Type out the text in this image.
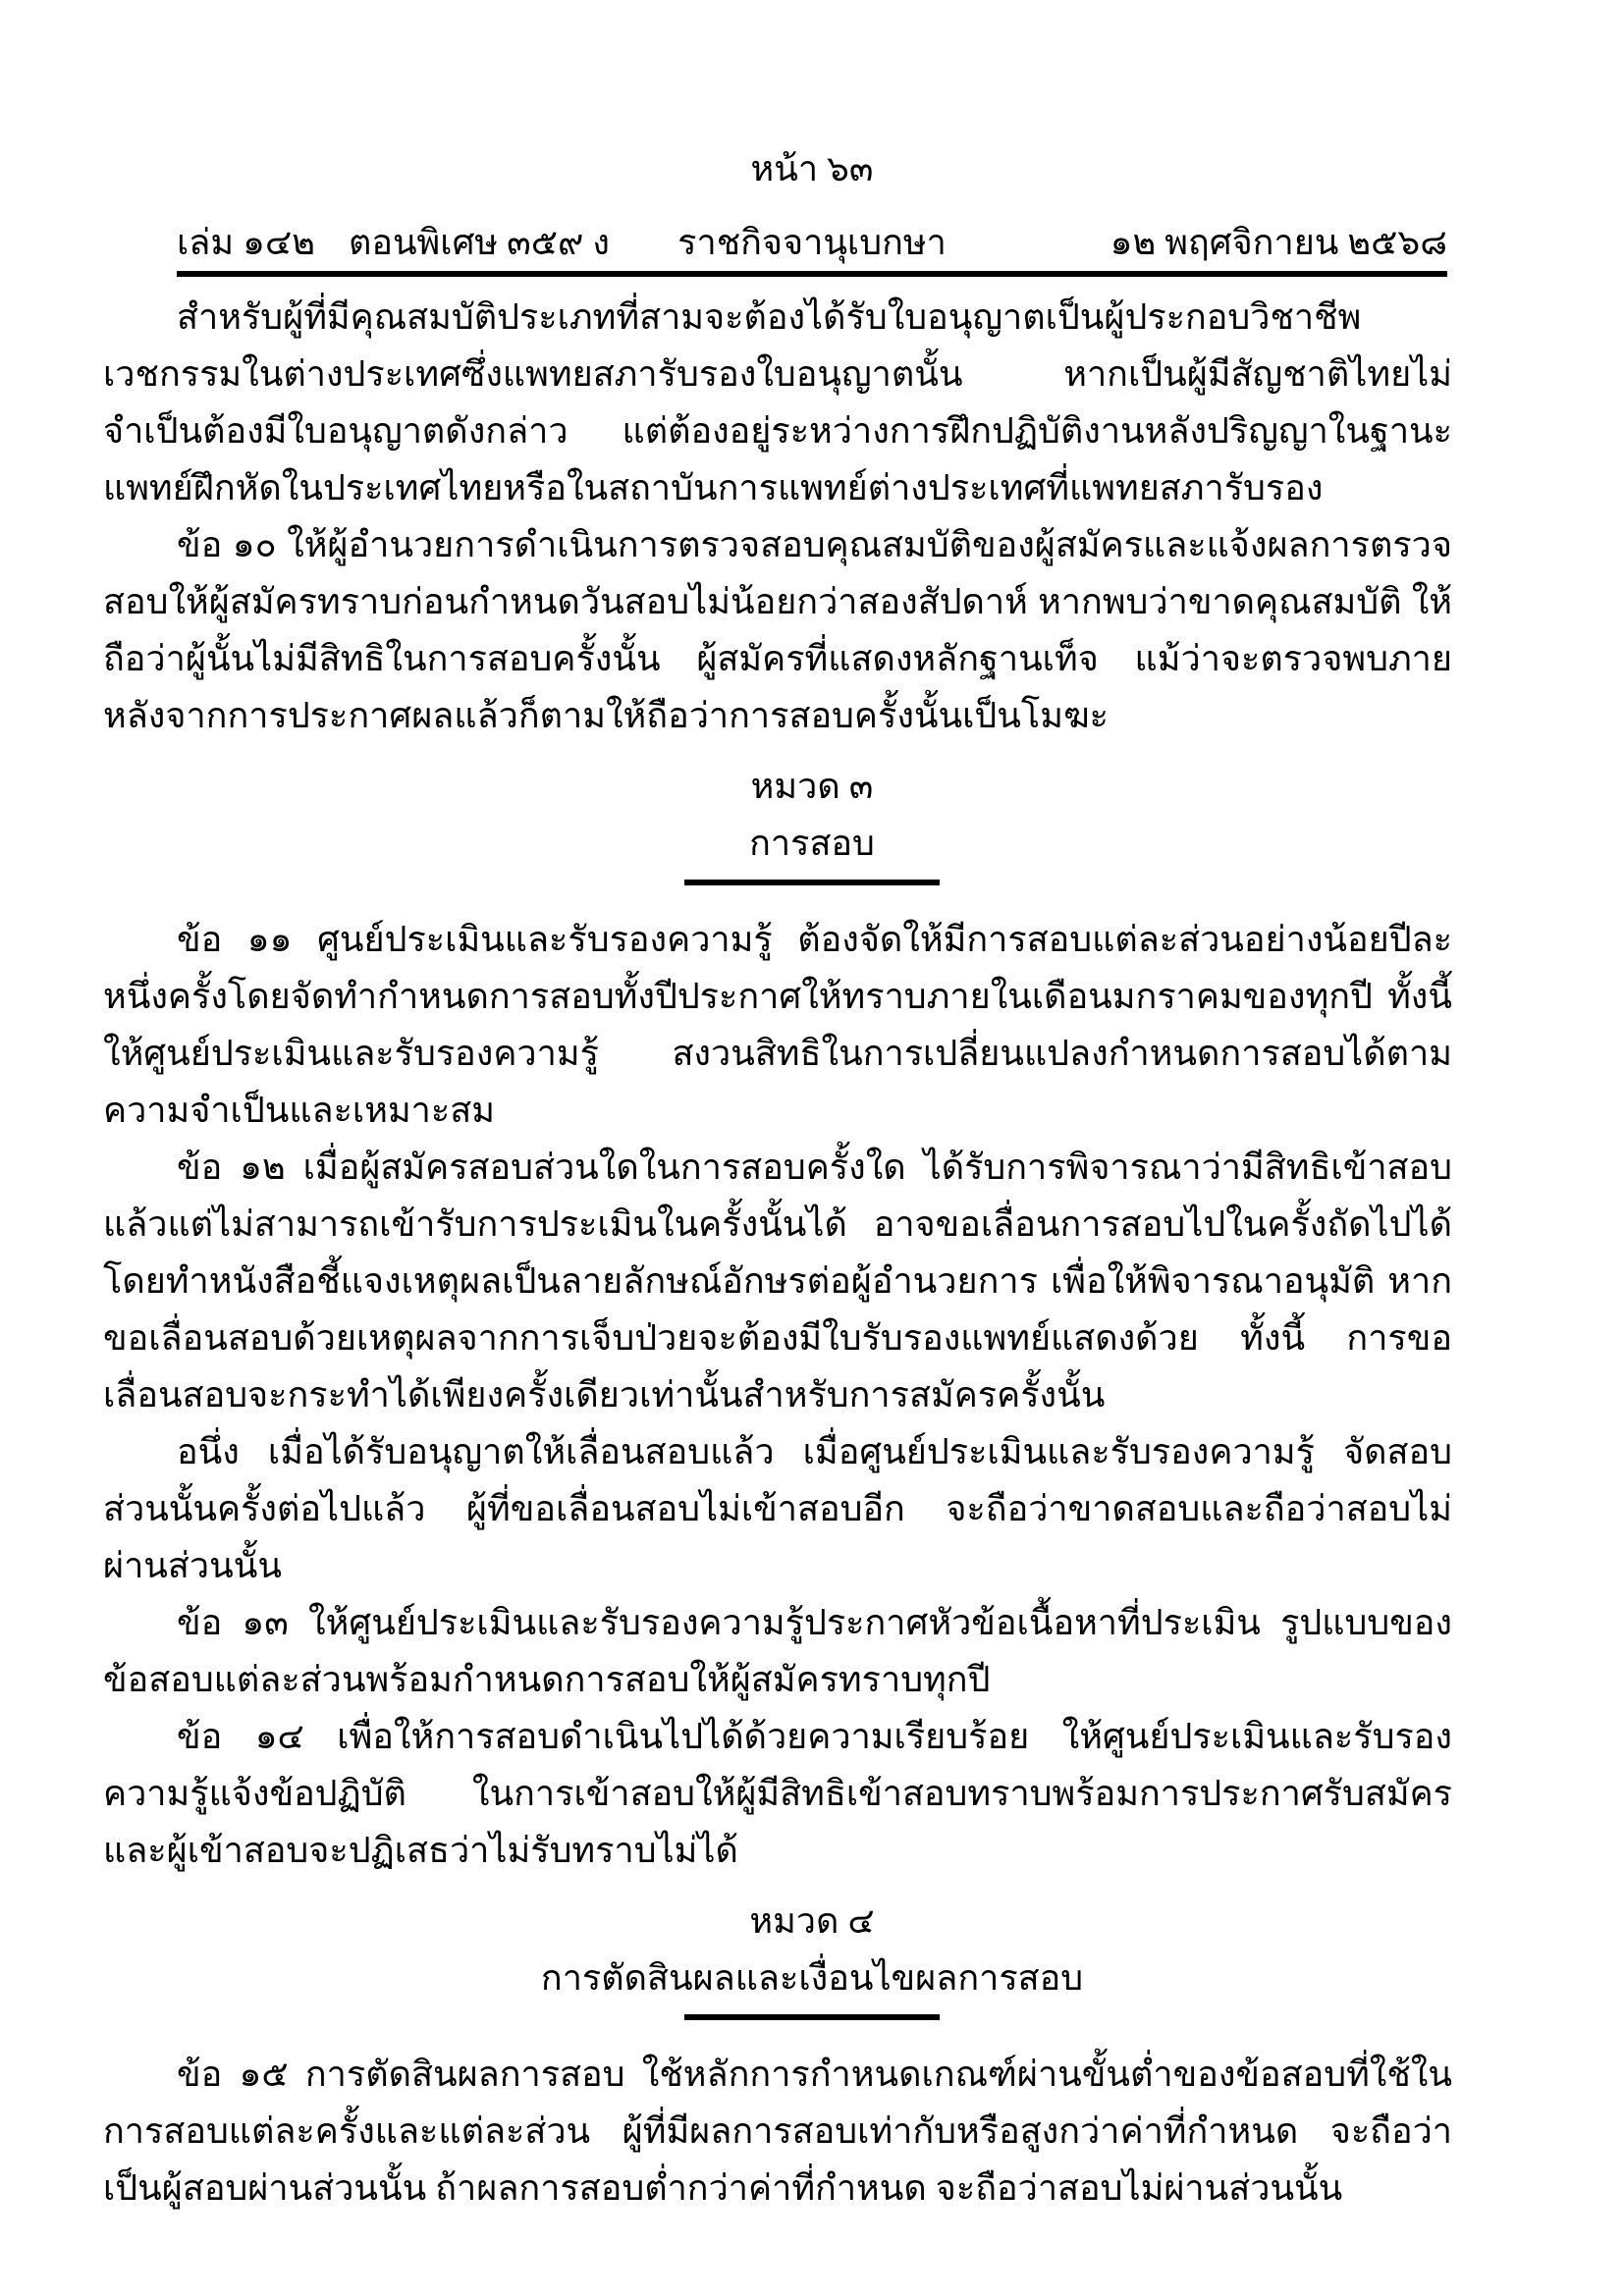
หน้า ๖๓
เล่ม ๑๔๒ ตอนพิเศษ ๓๕๙ ง	ราชกิจจานุเบกษา	๑๒ พฤศจิกายน ๒๕๖๘

สำหรับผู้ที่มีคุณสมบัติประเภทที่สามจะต้องได้รับใบอนุญาตเป็นผู้ประกอบวิชาชีพเวชกรรมในต่างประเทศซึ่งแพทยสภารับรองใบอนุญาตนั้น หากเป็นผู้มีสัญชาติไทยไม่จำเป็นต้องมีใบอนุญาตดังกล่าว แต่ต้องอยู่ระหว่างการฝึกปฏิบัติงานหลังปริญญาในฐานะแพทย์ฝึกหัดในประเทศไทยหรือในสถาบันการแพทย์ต่างประเทศที่แพทยสภารับรอง

ข้อ ๑๐ ให้ผู้อำนวยการดำเนินการตรวจสอบคุณสมบัติของผู้สมัครและแจ้งผลการตรวจสอบให้ผู้สมัครทราบก่อนกำหนดวันสอบไม่น้อยกว่าสองสัปดาห์ หากพบว่าขาดคุณสมบัติ ให้ถือว่าผู้นั้นไม่มีสิทธิในการสอบครั้งนั้น ผู้สมัครที่แสดงหลักฐานเท็จ แม้ว่าจะตรวจพบภายหลังจากการประกาศผลแล้วก็ตามให้ถือว่าการสอบครั้งนั้นเป็นโมฆะ

หมวด ๓

การสอบ

ข้อ ๑๑ ศูนย์ประเมินและรับรองความรู้ ต้องจัดให้มีการสอบแต่ละส่วนอย่างน้อยปีละหนึ่งครั้งโดยจัดทำกำหนดการสอบทั้งปีประกาศให้ทราบภายในเดือนมกราคมของทุกปี ทั้งนี้ ให้ศูนย์ประเมินและรับรองความรู้ สงวนสิทธิในการเปลี่ยนแปลงกำหนดการสอบได้ตามความจำเป็นและเหมาะสม

ข้อ ๑๒ เมื่อผู้สมัครสอบส่วนใดในการสอบครั้งใด ได้รับการพิจารณาว่ามีสิทธิเข้าสอบแล้วแต่ไม่สามารถเข้ารับการประเมินในครั้งนั้นได้ อาจขอเลื่อนการสอบไปในครั้งถัดไปได้ โดยทำหนังสือชี้แจงเหตุผลเป็นลายลักษณ์อักษรต่อผู้อำนวยการ เพื่อให้พิจารณาอนุมัติ หากขอเลื่อนสอบด้วยเหตุผลจากการเจ็บป่วยจะต้องมีใบรับรองแพทย์แสดงด้วย ทั้งนี้ การขอเลื่อนสอบจะกระทำได้เพียงครั้งเดียวเท่านั้นสำหรับการสมัครครั้งนั้น

อนึ่ง เมื่อได้รับอนุญาตให้เลื่อนสอบแล้ว เมื่อศูนย์ประเมินและรับรองความรู้ จัดสอบส่วนนั้นครั้งต่อไปแล้ว ผู้ที่ขอเลื่อนสอบไม่เข้าสอบอีก จะถือว่าขาดสอบและถือว่าสอบไม่ผ่านส่วนนั้น

ข้อ ๑๓ ให้ศูนย์ประเมินและรับรองความรู้ประกาศหัวข้อเนื้อหาที่ประเมิน รูปแบบของข้อสอบแต่ละส่วนพร้อมกำหนดการสอบให้ผู้สมัครทราบทุกปี

ข้อ ๑๔ เพื่อให้การสอบดำเนินไปได้ด้วยความเรียบร้อย ให้ศูนย์ประเมินและรับรองความรู้แจ้งข้อปฏิบัติ ในการเข้าสอบให้ผู้มีสิทธิเข้าสอบทราบพร้อมการประกาศรับสมัคร และผู้เข้าสอบจะปฏิเสธว่าไม่รับทราบไม่ได้

หมวด ๔

การตัดสินผลและเงื่อนไขผลการสอบ

ข้อ ๑๕ การตัดสินผลการสอบ ใช้หลักการกำหนดเกณฑ์ผ่านขั้นต่ำของข้อสอบที่ใช้ในการสอบแต่ละครั้งและแต่ละส่วน ผู้ที่มีผลการสอบเท่ากับหรือสูงกว่าค่าที่กำหนด จะถือว่าเป็นผู้สอบผ่านส่วนนั้น ถ้าผลการสอบต่ำกว่าค่าที่กำหนด จะถือว่าสอบไม่ผ่านส่วนนั้น
